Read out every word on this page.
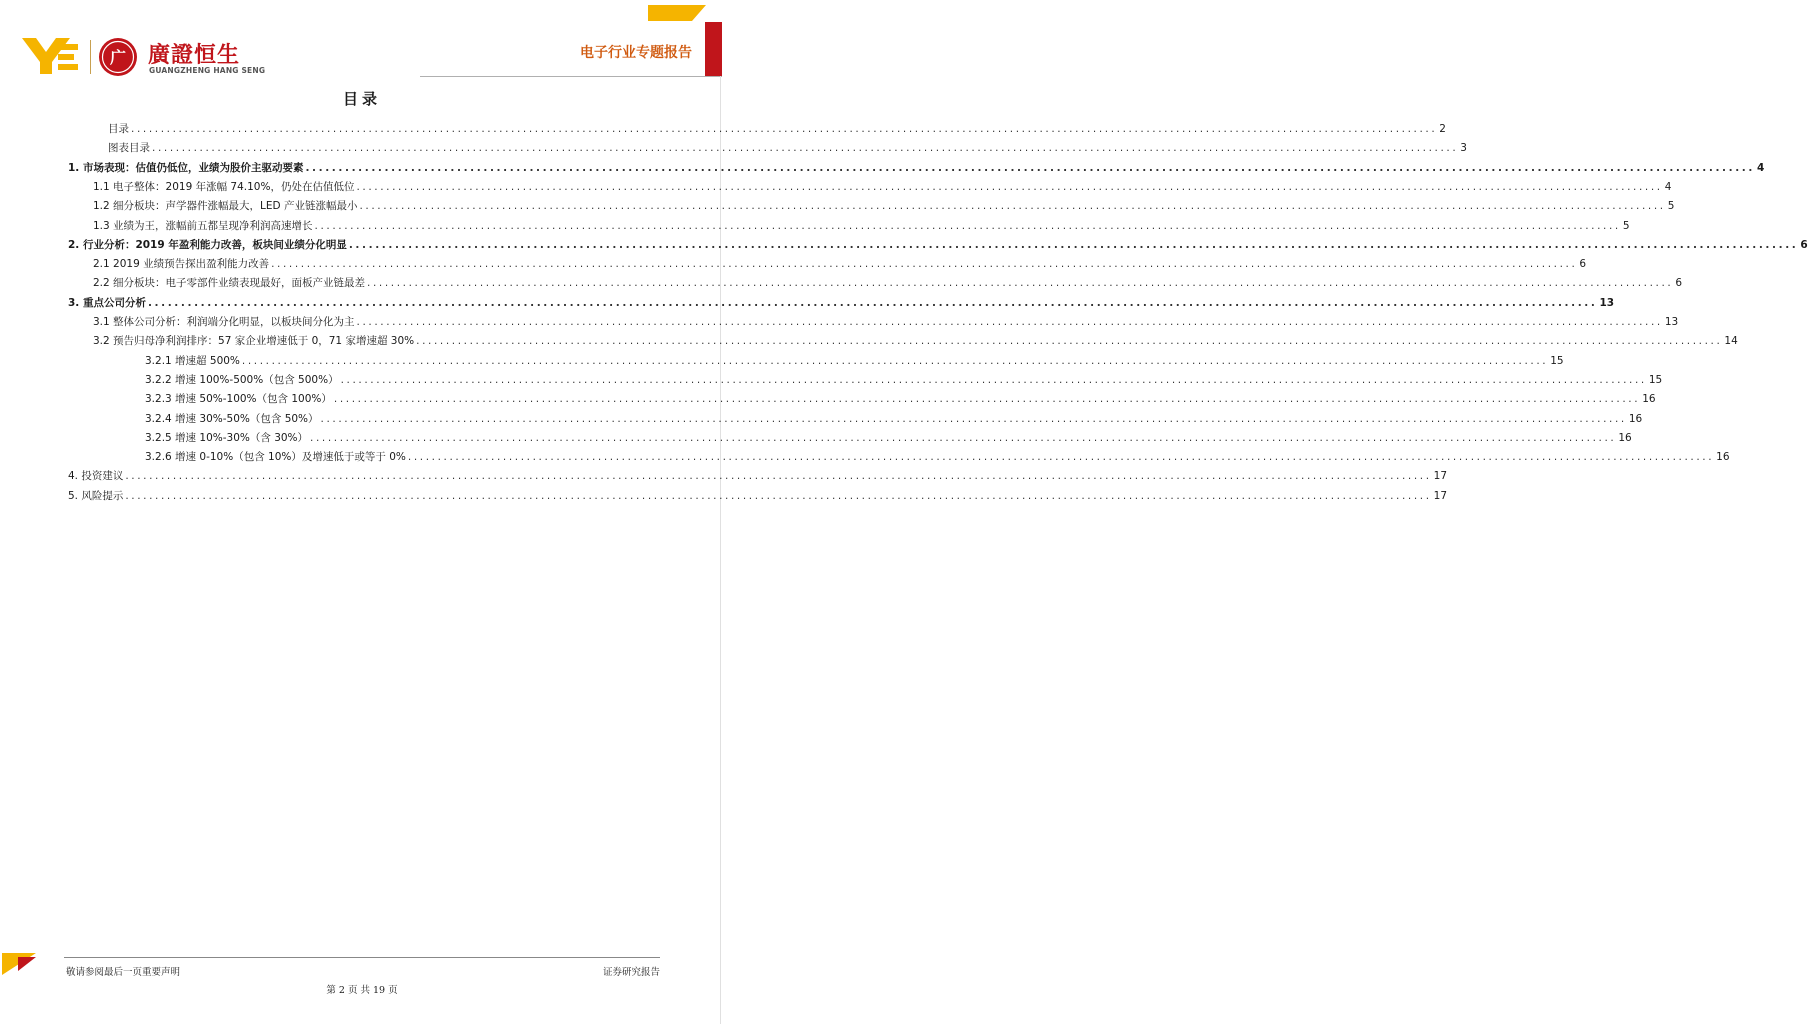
广 廣證恒生
GUANGZHENG HANG SENG
电子行业专题报告
目录
目录 ............................................................................................................................................................................................................................ 2
图表目录 ............................................................................................................................................................................................................................ 3
1. 市场表现：估值仍低位，业绩为股价主驱动要素 ............................................................................................................................................................................................................................ 4
1.1 电子整体：2019 年涨幅 74.10%，仍处在估值低位 ............................................................................................................................................................................................................................ 4
1.2 细分板块：声学器件涨幅最大，LED 产业链涨幅最小 ............................................................................................................................................................................................................................ 5
1.3 业绩为王，涨幅前五都呈现净利润高速增长 ............................................................................................................................................................................................................................ 5
2. 行业分析：2019 年盈利能力改善，板块间业绩分化明显 ............................................................................................................................................................................................................................ 6
2.1 2019 业绩预告探出盈利能力改善 ............................................................................................................................................................................................................................ 6
2.2 细分板块：电子零部件业绩表现最好，面板产业链最差 ............................................................................................................................................................................................................................ 6
3. 重点公司分析 ............................................................................................................................................................................................................................ 13
3.1 整体公司分析：利润端分化明显，以板块间分化为主 ............................................................................................................................................................................................................................ 13
3.2 预告归母净利润排序：57 家企业增速低于 0，71 家增速超 30% ............................................................................................................................................................................................................................ 14
3.2.1 增速超 500% ............................................................................................................................................................................................................................ 15
3.2.2 增速 100%-500%（包含 500%） ............................................................................................................................................................................................................................ 15
3.2.3 增速 50%-100%（包含 100%） ............................................................................................................................................................................................................................ 16
3.2.4 增速 30%-50%（包含 50%） ............................................................................................................................................................................................................................ 16
3.2.5 增速 10%-30%（含 30%） ............................................................................................................................................................................................................................ 16
3.2.6 增速 0-10%（包含 10%）及增速低于或等于 0% ............................................................................................................................................................................................................................ 16
4. 投资建议 ............................................................................................................................................................................................................................ 17
5. 风险提示 ............................................................................................................................................................................................................................ 17
敬请参阅最后一页重要声明	证券研究报告
第 2 页 共 19 页
